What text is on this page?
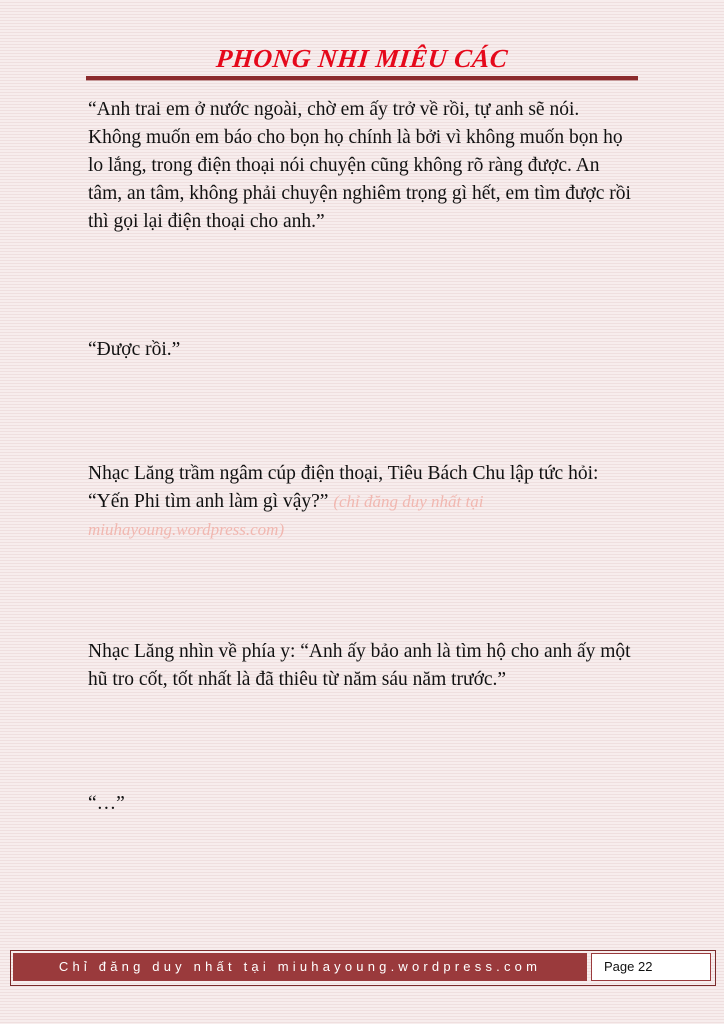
PHONG NHI MIÊU CÁC

“Anh trai em ở nước ngoài, chờ em ấy trở về rồi, tự anh sẽ nói. Không muốn em báo cho bọn họ chính là bởi vì không muốn bọn họ lo lắng, trong điện thoại nói chuyện cũng không rõ ràng được. An tâm, an tâm, không phải chuyện nghiêm trọng gì hết, em tìm được rồi thì gọi lại điện thoại cho anh.”

“Được rồi.”

Nhạc Lăng trầm ngâm cúp điện thoại, Tiêu Bách Chu lập tức hỏi: “Yến Phi tìm anh làm gì vậy?” (chỉ đăng duy nhất tại miuhayoung.wordpress.com)

Nhạc Lăng nhìn về phía y: “Anh ấy bảo anh là tìm hộ cho anh ấy một hũ tro cốt, tốt nhất là đã thiêu từ năm sáu năm trước.”

“…”

Chỉ đăng duy nhất tại miuhayoung.wordpress.com	Page 22
